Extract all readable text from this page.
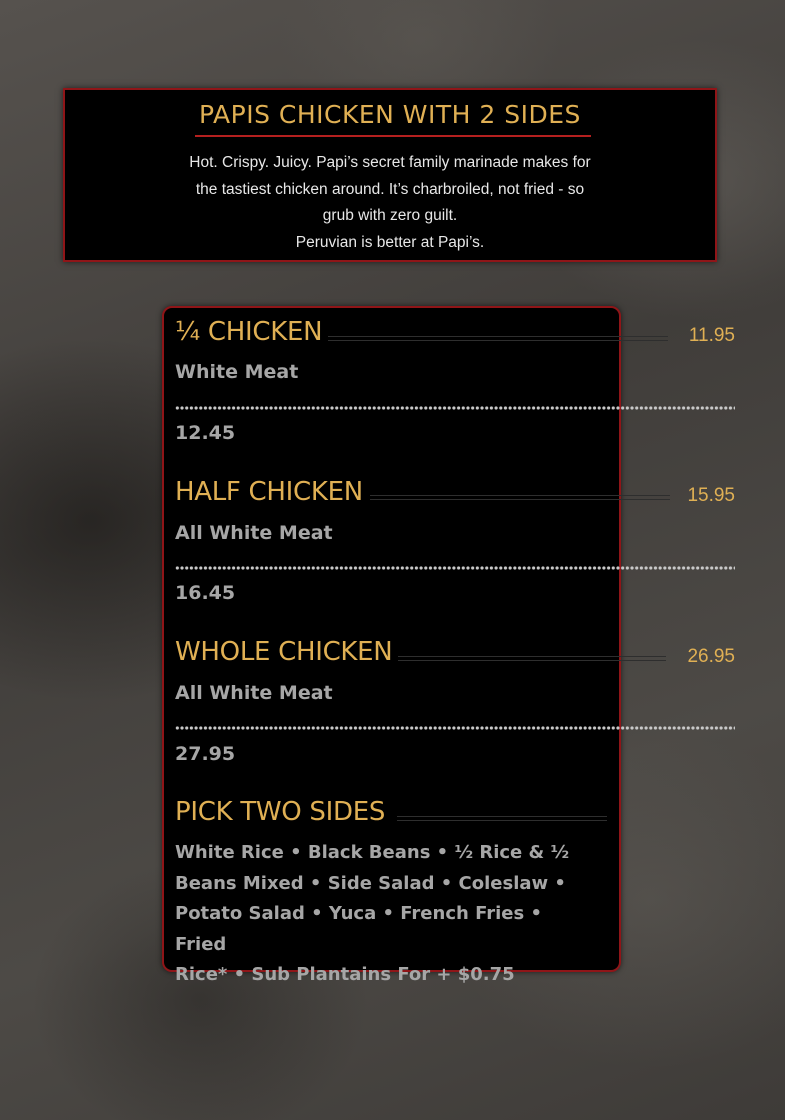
PAPIS CHICKEN WITH 2 SIDES
Hot. Crispy. Juicy. Papi’s secret family marinade makes for
the tastiest chicken around. It’s charbroiled, not fried - so
grub with zero guilt.
Peruvian is better at Papi’s.
¼ CHICKEN	11.95
White Meat
12.45
HALF CHICKEN	15.95
All White Meat
16.45
WHOLE CHICKEN	26.95
All White Meat
27.95
PICK TWO SIDES
White Rice • Black Beans • ½ Rice & ½
Beans Mixed • Side Salad • Coleslaw •
Potato Salad • Yuca • French Fries • Fried
Rice* • Sub Plantains For + $0.75
